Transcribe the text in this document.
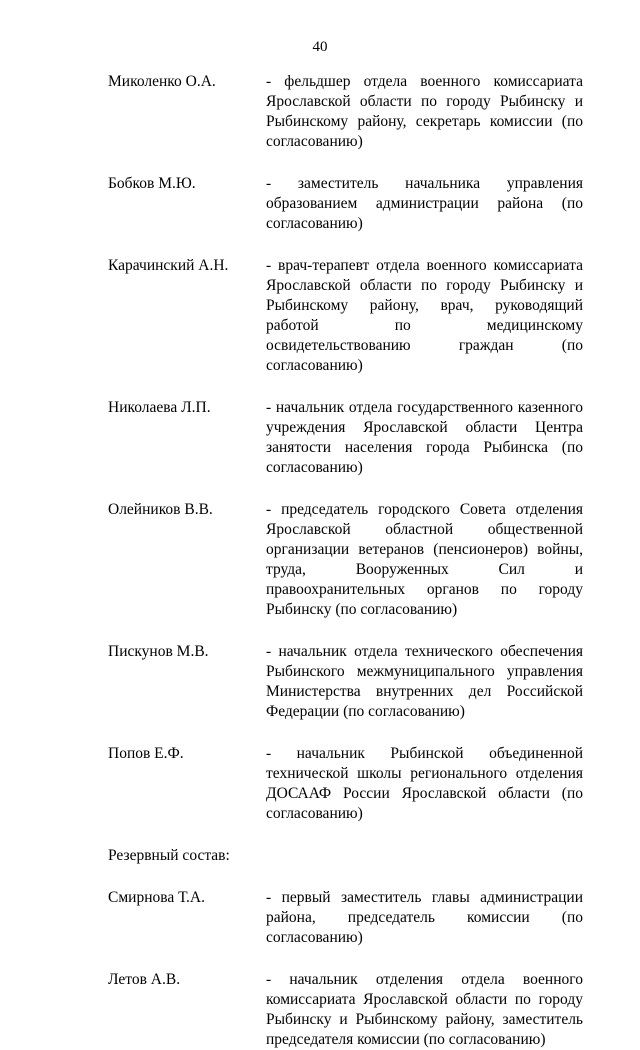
40
Миколенко О.А.	- фельдшер отдела военного комиссариата Ярославской области по городу Рыбинску и Рыбинскому району, секретарь комиссии (по согласованию)
Бобков М.Ю.	- заместитель начальника управления образованием администрации района (по согласованию)
Карачинский А.Н.	- врач-терапевт отдела военного комиссариата Ярославской области по городу Рыбинску и Рыбинскому району, врач, руководящий работой по медицинскому освидетельствованию граждан (по согласованию)
Николаева Л.П.	- начальник отдела государственного казенного учреждения Ярославской области Центра занятости населения города Рыбинска (по согласованию)
Олейников В.В.	- председатель городского Совета отделения Ярославской областной общественной организации ветеранов (пенсионеров) войны, труда, Вооруженных Сил и правоохранительных органов по городу Рыбинску (по согласованию)
Пискунов М.В.	- начальник отдела технического обеспечения Рыбинского межмуниципального управления Министерства внутренних дел Российской Федерации (по согласованию)
Попов Е.Ф.	- начальник Рыбинской объединенной технической школы регионального отделения ДОСААФ России Ярославской области (по согласованию)
Резервный состав:
Смирнова Т.А.	- первый заместитель главы администрации района, председатель комиссии (по согласованию)
Летов А.В.	- начальник отделения отдела военного комиссариата Ярославской области по городу Рыбинску и Рыбинскому району, заместитель председателя комиссии (по согласованию)
